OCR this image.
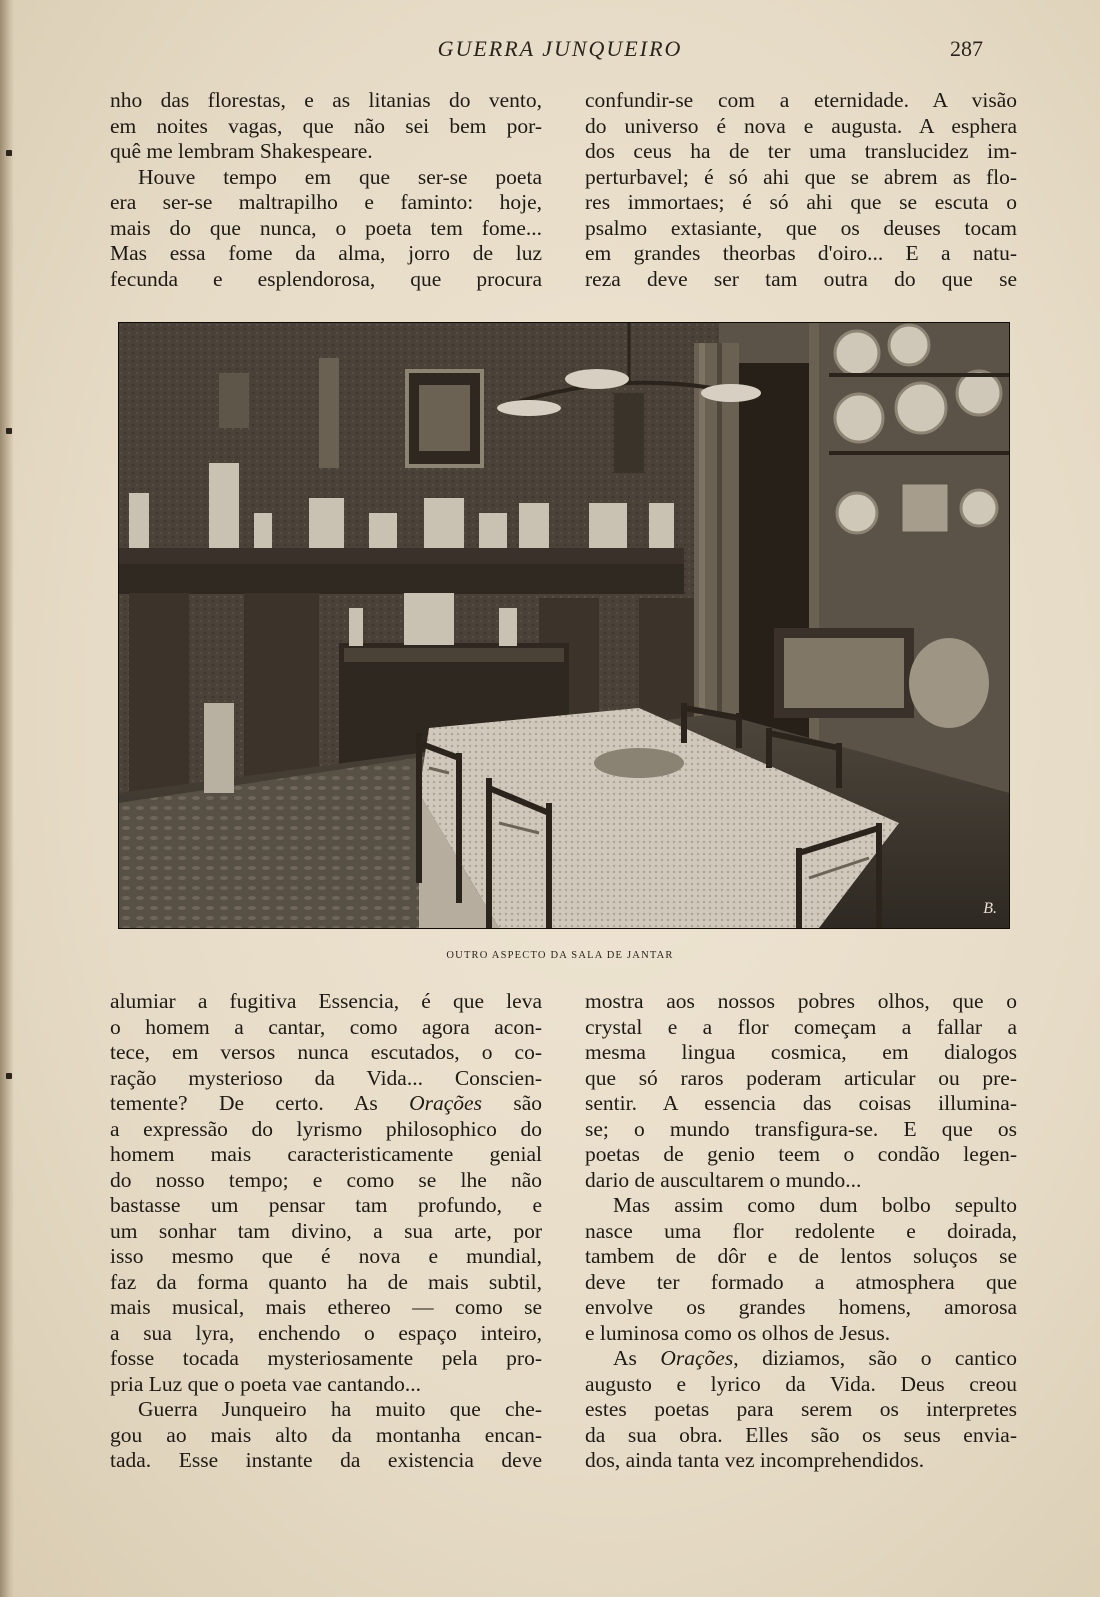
GUERRA JUNQUEIRO	287
nho das florestas, e as litanias do vento,
em noites vagas, que não sei bem por-
quê me lembram Shakespeare.
Houve tempo em que ser-se poeta
era ser-se maltrapilho e faminto: hoje,
mais do que nunca, o poeta tem fome...
Mas essa fome da alma, jorro de luz
fecunda e esplendorosa, que procura
confundir-se com a eternidade. A visão
do universo é nova e augusta. A esphera
dos ceus ha de ter uma translucidez im-
perturbavel; é só ahi que se abrem as flo-
res immortaes; é só ahi que se escuta o
psalmo extasiante, que os deuses tocam
em grandes theorbas d'oiro... E a natu-
reza deve ser tam outra do que se
B.
OUTRO ASPECTO DA SALA DE JANTAR
alumiar a fugitiva Essencia, é que leva
o homem a cantar, como agora acon-
tece, em versos nunca escutados, o co-
ração mysterioso da Vida... Conscien-
temente? De certo. As Orações são
a expressão do lyrismo philosophico do
homem mais caracteristicamente genial
do nosso tempo; e como se lhe não
bastasse um pensar tam profundo, e
um sonhar tam divino, a sua arte, por
isso mesmo que é nova e mundial,
faz da forma quanto ha de mais subtil,
mais musical, mais ethereo — como se
a sua lyra, enchendo o espaço inteiro,
fosse tocada mysteriosamente pela pro-
pria Luz que o poeta vae cantando...
Guerra Junqueiro ha muito que che-
gou ao mais alto da montanha encan-
tada. Esse instante da existencia deve
mostra aos nossos pobres olhos, que o
crystal e a flor começam a fallar a
mesma lingua cosmica, em dialogos
que só raros poderam articular ou pre-
sentir. A essencia das coisas illumina-
se; o mundo transfigura-se. E que os
poetas de genio teem o condão legen-
dario de auscultarem o mundo...
Mas assim como dum bolbo sepulto
nasce uma flor redolente e doirada,
tambem de dôr e de lentos soluços se
deve ter formado a atmosphera que
envolve os grandes homens, amorosa
e luminosa como os olhos de Jesus.
As Orações, diziamos, são o cantico
augusto e lyrico da Vida. Deus creou
estes poetas para serem os interpretes
da sua obra. Elles são os seus envia-
dos, ainda tanta vez incomprehendidos.
